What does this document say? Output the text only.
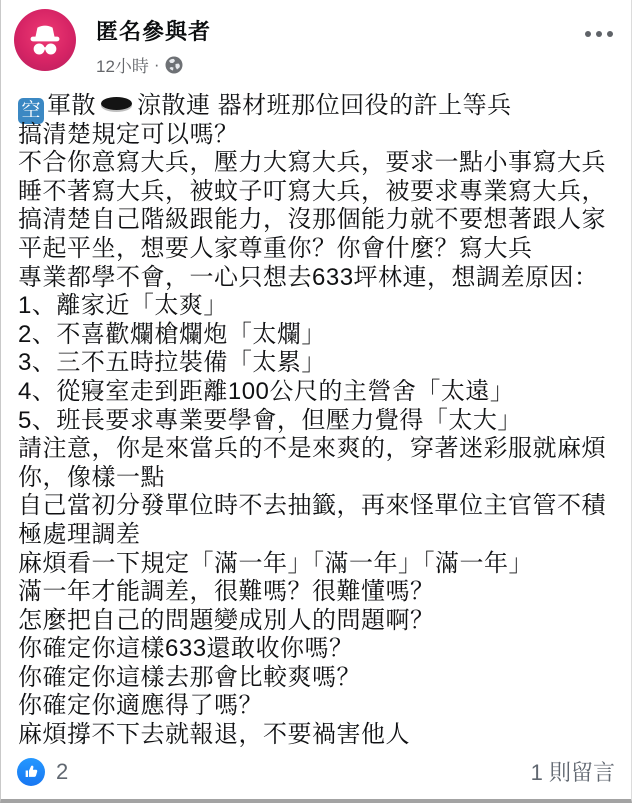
匿名參與者
12小時 ·
空 軍散 涼散連 器材班那位回役的許上等兵
搞清楚規定可以嗎？
不合你意寫大兵，壓力大寫大兵，要求一點小事寫大兵
睡不著寫大兵，被蚊子叮寫大兵，被要求專業寫大兵，
搞清楚自己階級跟能力，沒那個能力就不要想著跟人家
平起平坐，想要人家尊重你？你會什麼？寫大兵
專業都學不會，一心只想去633坪林連，想調差原因：
1、離家近「太爽」
2、不喜歡爛槍爛炮「太爛」
3、三不五時拉裝備「太累」
4、從寢室走到距離100公尺的主營舍「太遠」
5、班長要求專業要學會，但壓力覺得「太大」
請注意，你是來當兵的不是來爽的，穿著迷彩服就麻煩
你，像樣一點
自己當初分發單位時不去抽籤，再來怪單位主官管不積
極處理調差
麻煩看一下規定「滿一年」「滿一年」「滿一年」
滿一年才能調差，很難嗎？很難懂嗎？
怎麼把自己的問題變成別人的問題啊？
你確定你這樣633還敢收你嗎？
你確定你這樣去那會比較爽嗎？
你確定你適應得了嗎？
麻煩撐不下去就報退，不要禍害他人
2	1 則留言
